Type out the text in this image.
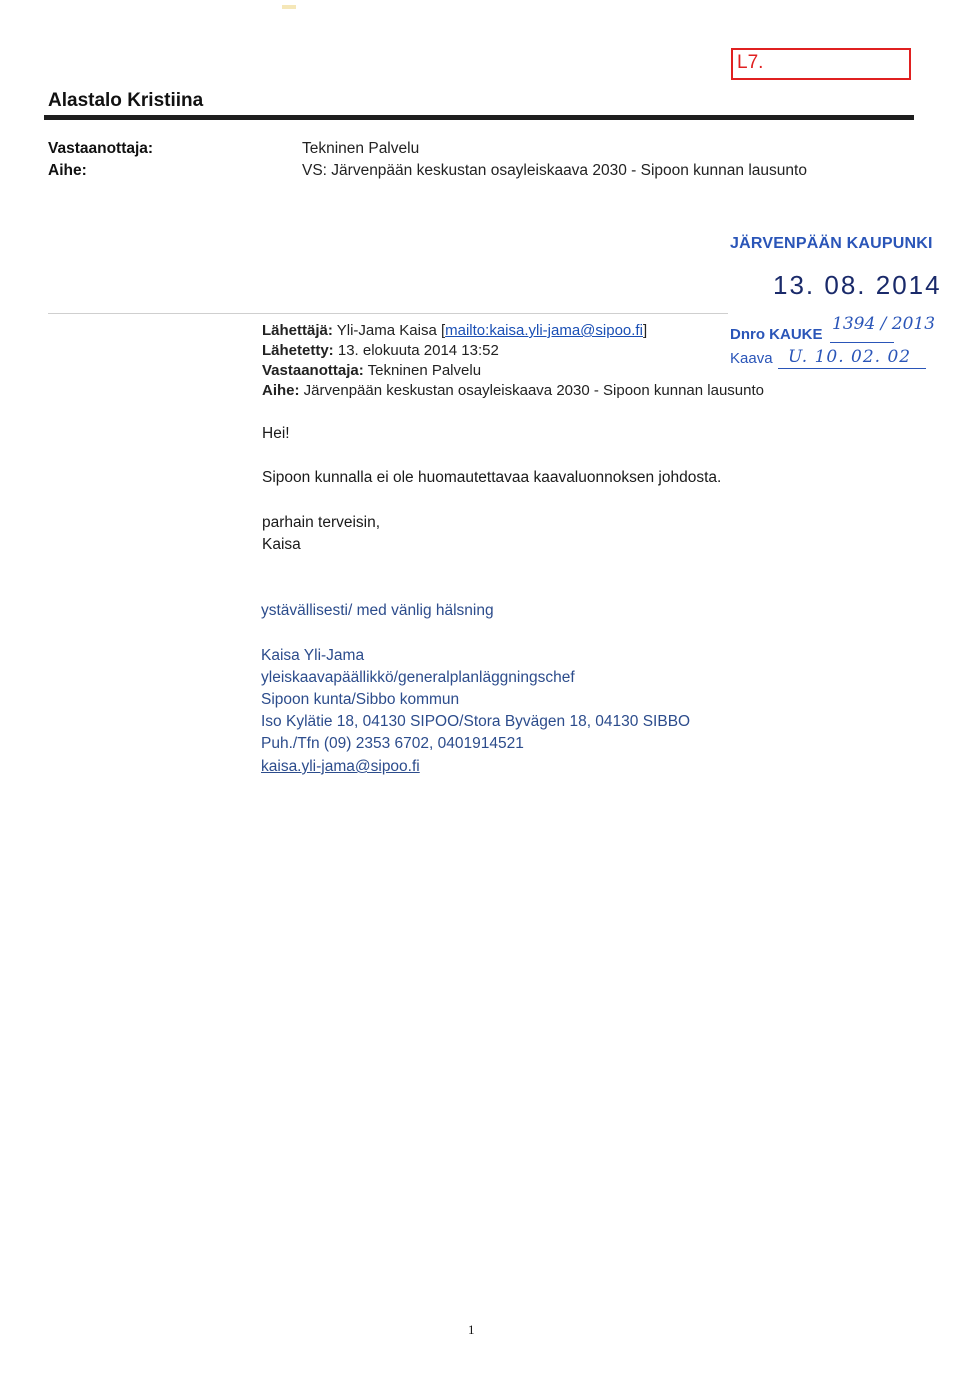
L7.
Alastalo Kristiina
Vastaanottaja:	Tekninen Palvelu
Aihe:	VS: Järvenpään keskustan osayleiskaava 2030 - Sipoon kunnan lausunto
JÄRVENPÄÄN KAUPUNKI
13. 08. 2014
Dnro KAUKE
1394 / 2013
Kaava U. 10. 02. 02
Lähettäjä: Yli-Jama Kaisa [mailto:kaisa.yli-jama@sipoo.fi]
Lähetetty: 13. elokuuta 2014 13:52
Vastaanottaja: Tekninen Palvelu
Aihe: Järvenpään keskustan osayleiskaava 2030 - Sipoon kunnan lausunto
Hei!
Sipoon kunnalla ei ole huomautettavaa kaavaluonnoksen johdosta.
parhain terveisin,
Kaisa
ystävällisesti/ med vänlig hälsning
Kaisa Yli-Jama
yleiskaavapäällikkö/generalplanläggningschef
Sipoon kunta/Sibbo kommun
Iso Kylätie 18, 04130 SIPOO/Stora Byvägen 18, 04130 SIBBO
Puh./Tfn (09) 2353 6702, 0401914521
kaisa.yli-jama@sipoo.fi
1
